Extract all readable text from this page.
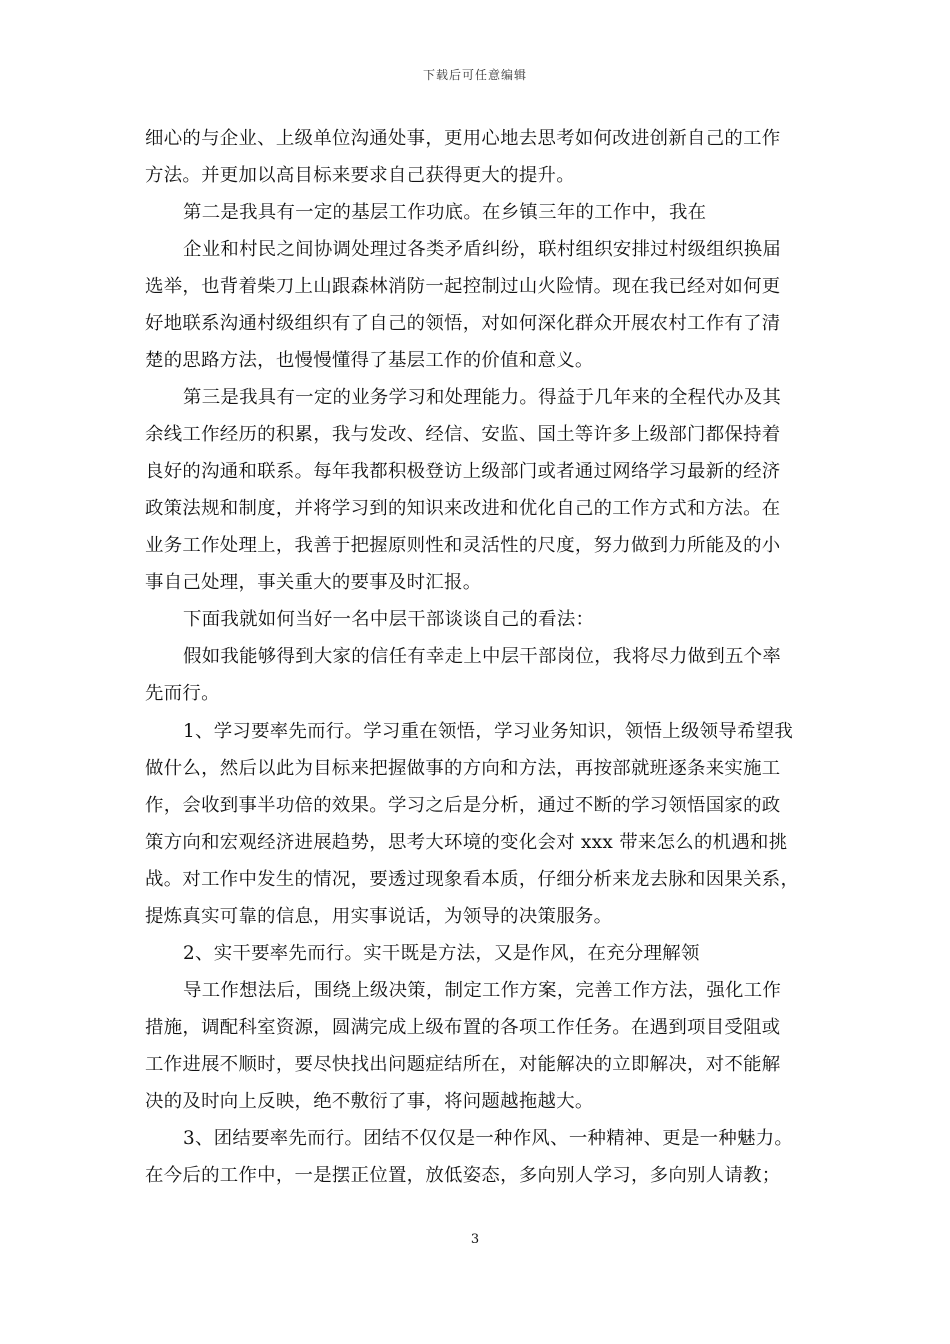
下载后可任意编辑
细心的与企业、上级单位沟通处事，更用心地去思考如何改进创新自己的工作
方法。并更加以高目标来要求自己获得更大的提升。
第二是我具有一定的基层工作功底。在乡镇三年的工作中，我在
企业和村民之间协调处理过各类矛盾纠纷，联村组织安排过村级组织换届
选举，也背着柴刀上山跟森林消防一起控制过山火险情。现在我已经对如何更
好地联系沟通村级组织有了自己的领悟，对如何深化群众开展农村工作有了清
楚的思路方法，也慢慢懂得了基层工作的价值和意义。
第三是我具有一定的业务学习和处理能力。得益于几年来的全程代办及其
余线工作经历的积累，我与发改、经信、安监、国土等许多上级部门都保持着
良好的沟通和联系。每年我都积极登访上级部门或者通过网络学习最新的经济
政策法规和制度，并将学习到的知识来改进和优化自己的工作方式和方法。在
业务工作处理上，我善于把握原则性和灵活性的尺度，努力做到力所能及的小
事自己处理，事关重大的要事及时汇报。
下面我就如何当好一名中层干部谈谈自己的看法：
假如我能够得到大家的信任有幸走上中层干部岗位，我将尽力做到五个率
先而行。
1、学习要率先而行。学习重在领悟，学习业务知识，领悟上级领导希望我
做什么，然后以此为目标来把握做事的方向和方法，再按部就班逐条来实施工
作，会收到事半功倍的效果。学习之后是分析，通过不断的学习领悟国家的政
策方向和宏观经济进展趋势，思考大环境的变化会对 xxx 带来怎么的机遇和挑
战。对工作中发生的情况，要透过现象看本质，仔细分析来龙去脉和因果关系，
提炼真实可靠的信息，用实事说话，为领导的决策服务。
2、实干要率先而行。实干既是方法，又是作风，在充分理解领
导工作想法后，围绕上级决策，制定工作方案，完善工作方法，强化工作
措施，调配科室资源，圆满完成上级布置的各项工作任务。在遇到项目受阻或
工作进展不顺时，要尽快找出问题症结所在，对能解决的立即解决，对不能解
决的及时向上反映，绝不敷衍了事，将问题越拖越大。
3、团结要率先而行。团结不仅仅是一种作风、一种精神、更是一种魅力。
在今后的工作中，一是摆正位置，放低姿态，多向别人学习，多向别人请教；
3
